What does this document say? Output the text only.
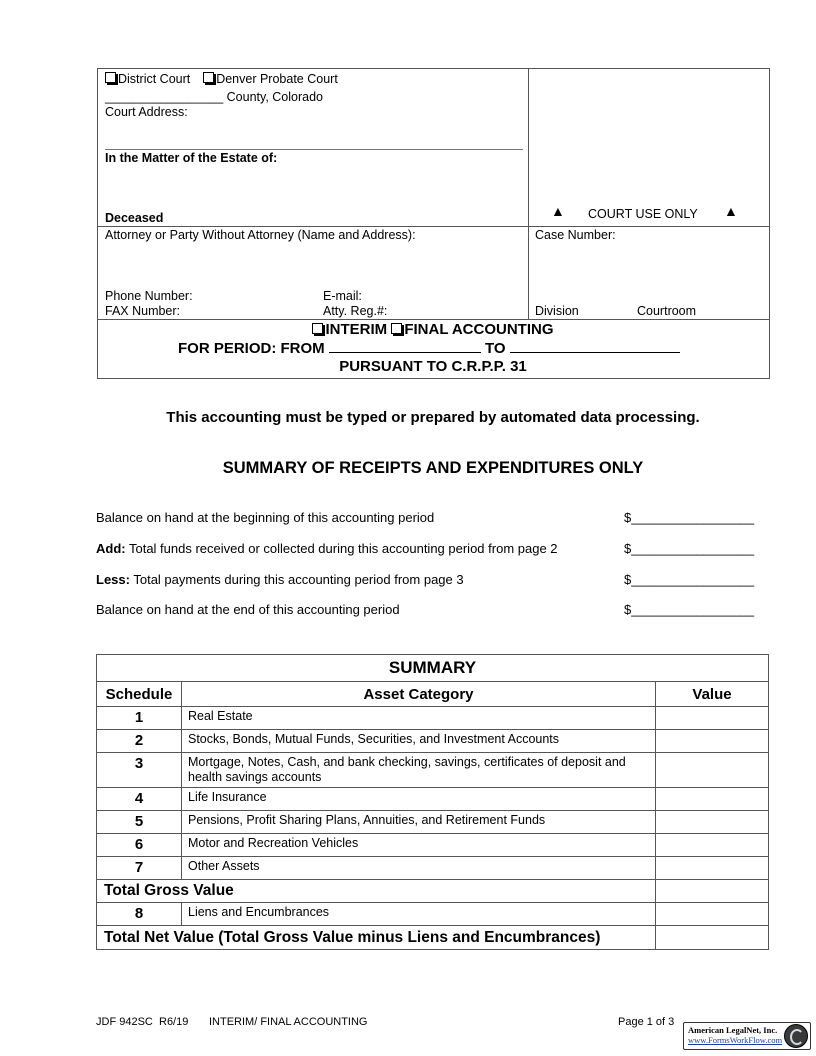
District Court Denver Probate Court
_________________ County, Colorado
Court Address:
In the Matter of the Estate of:
Deceased	▲ COURT USE ONLY ▲
Attorney or Party Without Attorney (Name and Address):
Phone Number:	E-mail:
FAX Number:	Atty. Reg.#:
Case Number:
Division	Courtroom
INTERIM FINAL ACCOUNTING
FOR PERIOD: FROM	TO
PURSUANT TO C.R.P.P. 31
This accounting must be typed or prepared by automated data processing.
SUMMARY OF RECEIPTS AND EXPENDITURES ONLY
Balance on hand at the beginning of this accounting period	$_________________
Add: Total funds received or collected during this accounting period from page 2	$_________________
Less: Total payments during this accounting period from page 3	$_________________
Balance on hand at the end of this accounting period	$_________________
SUMMARY		
Schedule	Asset Category	Value
1	Real Estate	
2	Stocks, Bonds, Mutual Funds, Securities, and Investment Accounts	
3	Mortgage, Notes, Cash, and bank checking, savings, certificates of deposit and health savings accounts	
4	Life Insurance	
5	Pensions, Profit Sharing Plans, Annuities, and Retirement Funds	
6	Motor and Recreation Vehicles	
7	Other Assets	
Total Gross Value		
8	Liens and Encumbrances	
Total Net Value (Total Gross Value minus Liens and Encumbrances)		
JDF 942SC R6/19 INTERIM/ FINAL ACCOUNTING	Page 1 of 3
American LegalNet, Inc.
www.FormsWorkFlow.com
